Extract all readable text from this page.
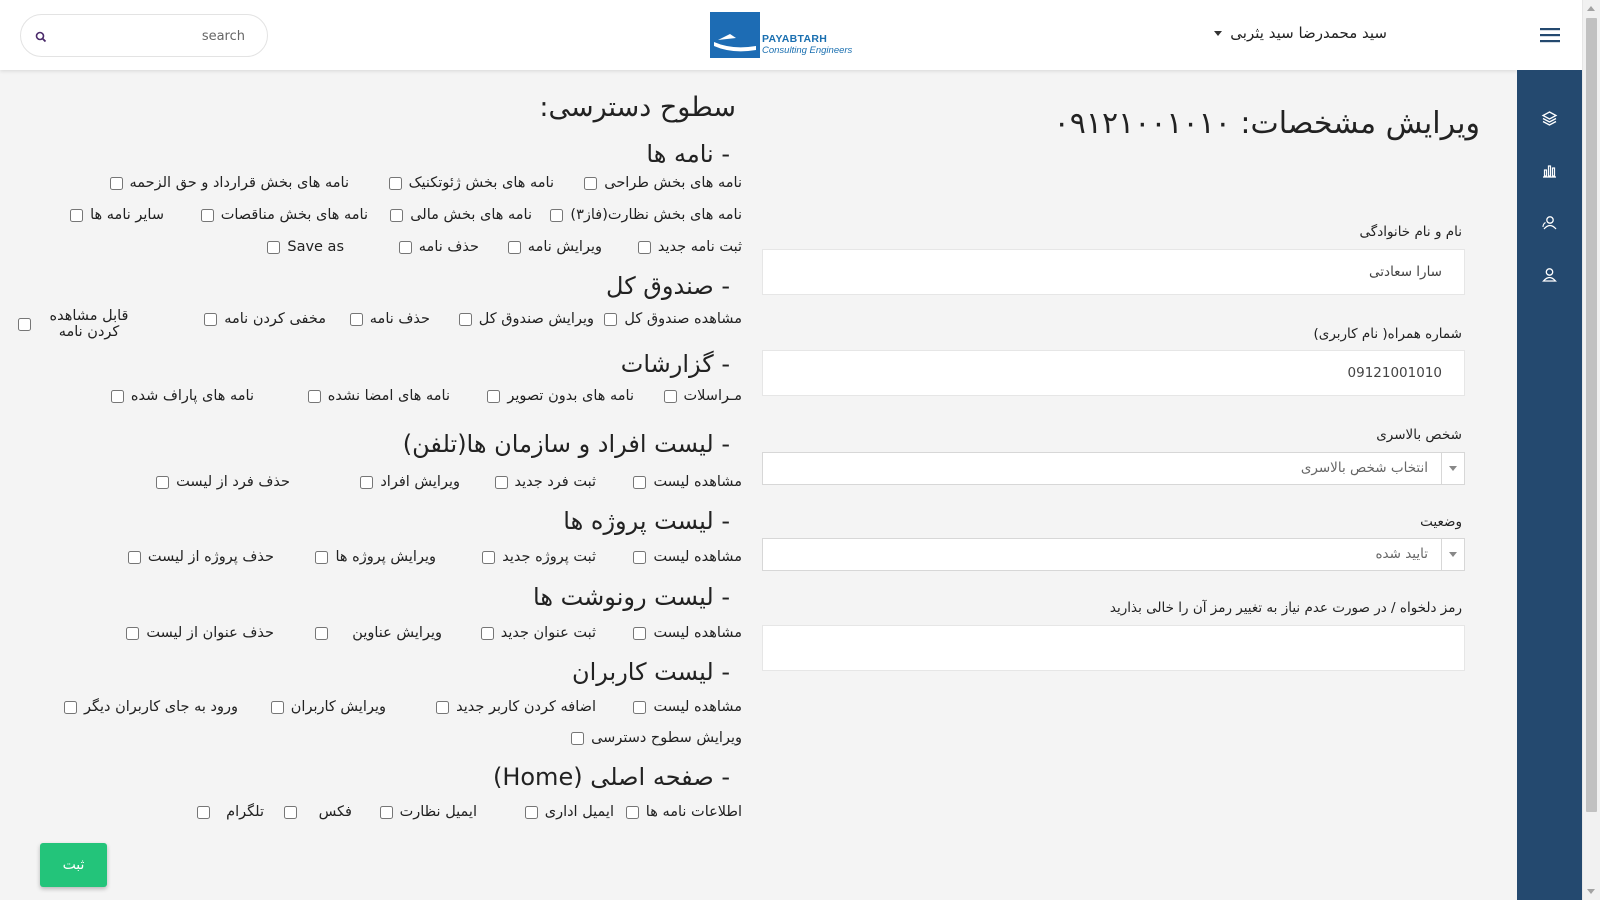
search
PAYABTARH
Consulting Engineers
سید محمدرضا سید یثربی
ویرایش مشخصات: ۰۹۱۲۱۰۰۱۰۱۰
نام و نام خانوادگی
سارا سعادتی
شماره همراه( نام کاربری)
09121001010
شخص بالاسری
انتخاب شخص بالاسری
وضعیت
تایید شده
رمز دلخواه / در صورت عدم نیاز به تغییر رمز آن را خالی بذارید
سطوح دسترسی:
- نامه ها
نامه های بخش طراحی
نامه های بخش ژئوتکنیک
نامه های بخش قرارداد و حق الزحمه
نامه های بخش نظارت(فاز۳)
نامه های بخش مالی
نامه های بخش مناقصات
سایر نامه ها
ثبت نامه جدید
ویرایش نامه
حذف نامه
Save as
- صندوق کل
مشاهده صندوق کل
ویرایش صندوق کل
حذف نامه
مخفی کردن نامه
قابل مشاهده کردن نامه
- گزارشات
مـراسلات
نامه های بدون تصویر
نامه های امضا نشده
نامه های پاراف شده
- لیست افراد و سازمان ها(تلفن)
مشاهده لیست
ثبت فرد جدید
ویرایش افراد
حذف فرد از لیست
- لیست پروژه ها
مشاهده لیست
ثبت پروژه جدید
ویرایش پروژه ها
حذف پروژه از لیست
- لیست رونوشت ها
مشاهده لیست
ثبت عنوان جدید
ویرایش عناوین
حذف عنوان از لیست
- لیست کاربران
مشاهده لیست
اضافه کردن کاربر جدید
ویرایش کاربران
ورود به جای کاربران دیگر
ویرایش سطوح دسترسی
- صفحه اصلی (Home)
اطلاعات نامه ها
ایمیل اداری
ایمیل نظارت
فکس
تلگرام
ثبت
